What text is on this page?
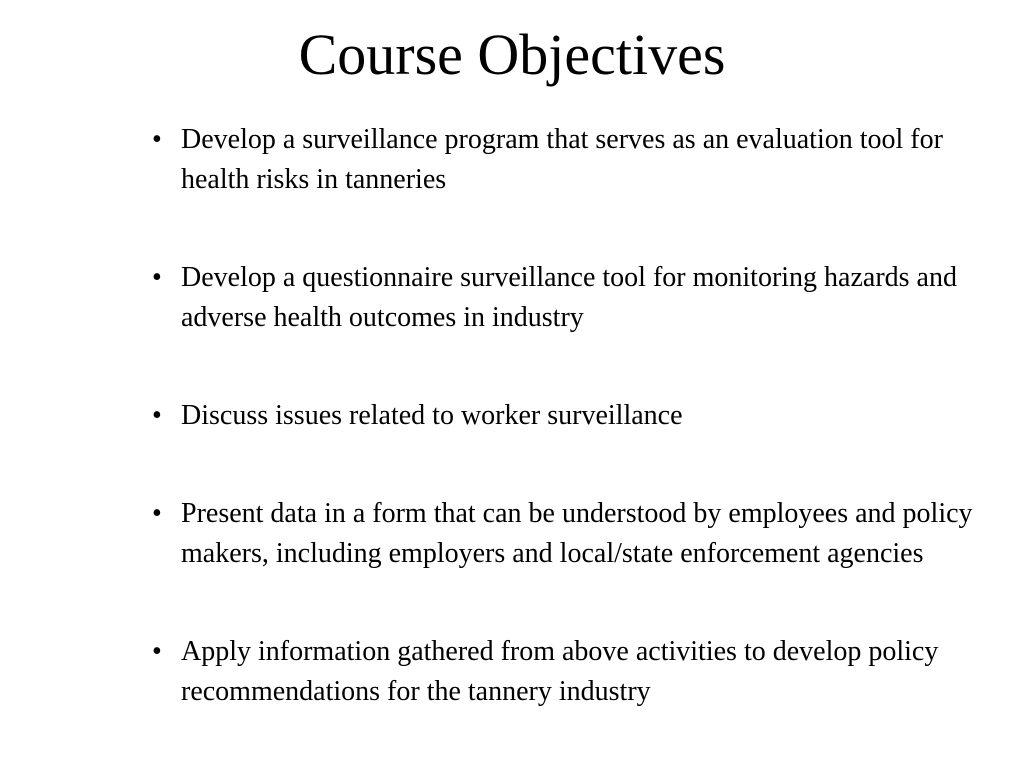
Course Objectives
• Develop a surveillance program that serves as an evaluation tool for health risks in tanneries
• Develop a questionnaire surveillance tool for monitoring hazards and adverse health outcomes in industry
• Discuss issues related to worker surveillance
• Present data in a form that can be understood by employees and policy makers, including employers and local/state enforcement agencies
• Apply information gathered from above activities to develop policy recommendations for the tannery industry
